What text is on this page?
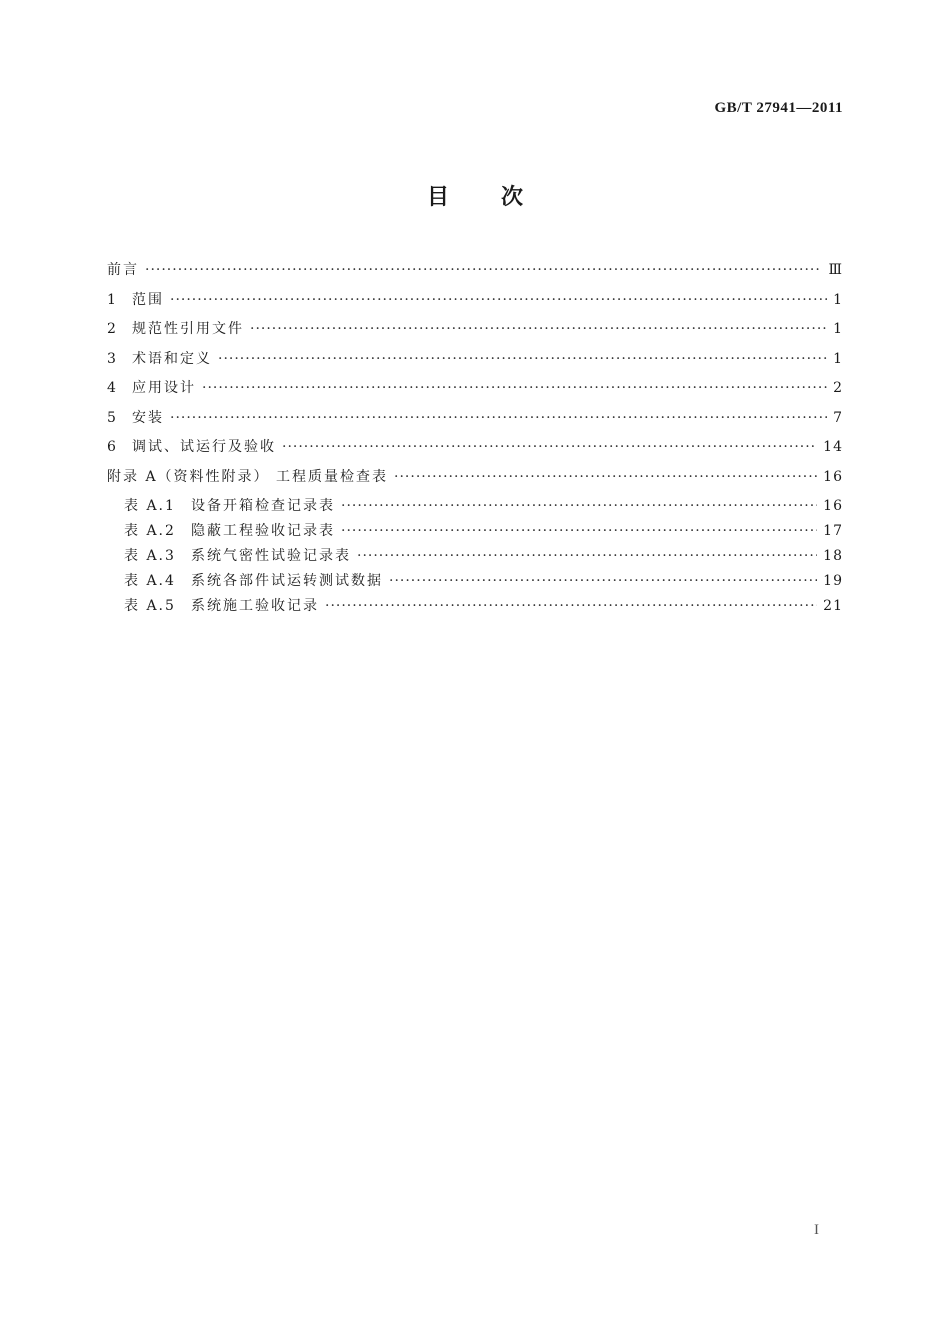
GB/T 27941—2011
目次
前言 ·····	Ⅲ
1	范围 ·····	1
2	规范性引用文件 ·····	1
3	术语和定义 ·····	1
4	应用设计 ·····	2
5	安装 ·····	7
6	调试、试运行及验收 ·····	14
附录 A（资料性附录） 工程质量检查表 ·····	16
表 A.1	设备开箱检查记录表 ·····	16
表 A.2	隐蔽工程验收记录表 ·····	17
表 A.3	系统气密性试验记录表 ·····	18
表 A.4	系统各部件试运转测试数据 ·····	19
表 A.5	系统施工验收记录 ·····	21
I
